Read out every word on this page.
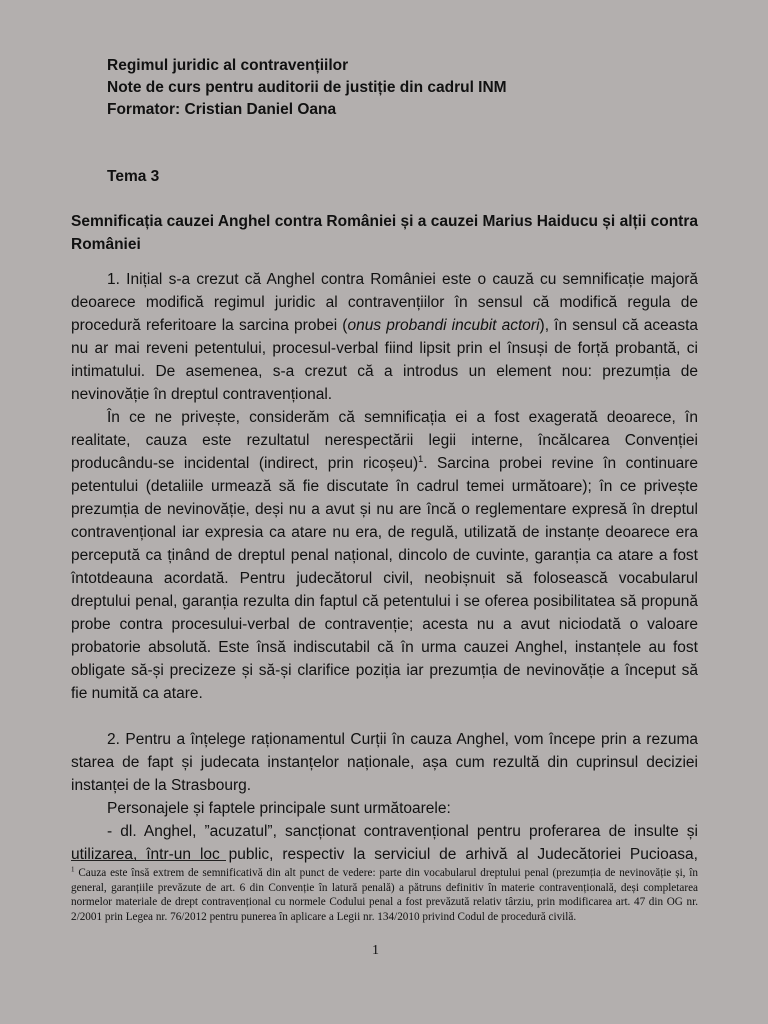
Regimul juridic al contravențiilor
Note de curs pentru auditorii de justiție din cadrul INM
Formator: Cristian Daniel Oana
Tema 3
Semnificația cauzei Anghel contra României și a cauzei Marius Haiducu și alții contra României

1. Inițial s-a crezut că Anghel contra României este o cauză cu semnificație majoră deoarece modifică regimul juridic al contravențiilor în sensul că modifică regula de procedură referitoare la sarcina probei (onus probandi incubit actori), în sensul că aceasta nu ar mai reveni petentului, procesul-verbal fiind lipsit prin el însuși de forță probantă, ci intimatului. De asemenea, s-a crezut că a introdus un element nou: prezumția de nevinovăție în dreptul contravențional.

În ce ne privește, considerăm că semnificația ei a fost exagerată deoarece, în realitate, cauza este rezultatul nerespectării legii interne, încălcarea Convenției producându-se incidental (indirect, prin ricoșeu)$^1$. Sarcina probei revine în continuare petentului (detaliile urmează să fie discutate în cadrul temei următoare); în ce privește prezumția de nevinovăție, deși nu a avut și nu are încă o reglementare expresă în dreptul contravențional iar expresia ca atare nu era, de regulă, utilizată de instanțe deoarece era percepută ca ținând de dreptul penal național, dincolo de cuvinte, garanția ca atare a fost întotdeauna acordată. Pentru judecătorul civil, neobișnuit să folosească vocabularul dreptului penal, garanția rezulta din faptul că petentului i se oferea posibilitatea să propună probe contra procesului-verbal de contravenție; acesta nu a avut niciodată o valoare probatorie absolută. Este însă indiscutabil că în urma cauzei Anghel, instanțele au fost obligate să-și precizeze și să-și clarifice poziția iar prezumția de nevinovăție a început să fie numită ca atare.

2. Pentru a înțelege raționamentul Curții în cauza Anghel, vom începe prin a rezuma starea de fapt și judecata instanțelor naționale, așa cum rezultă din cuprinsul deciziei instanței de la Strasbourg.

Personajele și faptele principale sunt următoarele:

- dl. Anghel, ”acuzatul”, sancționat contravențional pentru proferarea de insulte și utilizarea, într-un loc public, respectiv la serviciul de arhivă al Judecătoriei Pucioasa,

$^1$ Cauza este însă extrem de semnificativă din alt punct de vedere: parte din vocabularul dreptului penal (prezumția de nevinovăție și, în general, garanțiile prevăzute de art. 6 din Convenție în latură penală) a pătruns definitiv în materie contravențională, deși completarea normelor materiale de drept contravențional cu normele Codului penal a fost prevăzută relativ târziu, prin modificarea art. 47 din OG nr. 2/2001 prin Legea nr. 76/2012 pentru punerea în aplicare a Legii nr. 134/2010 privind Codul de procedură civilă.
1
